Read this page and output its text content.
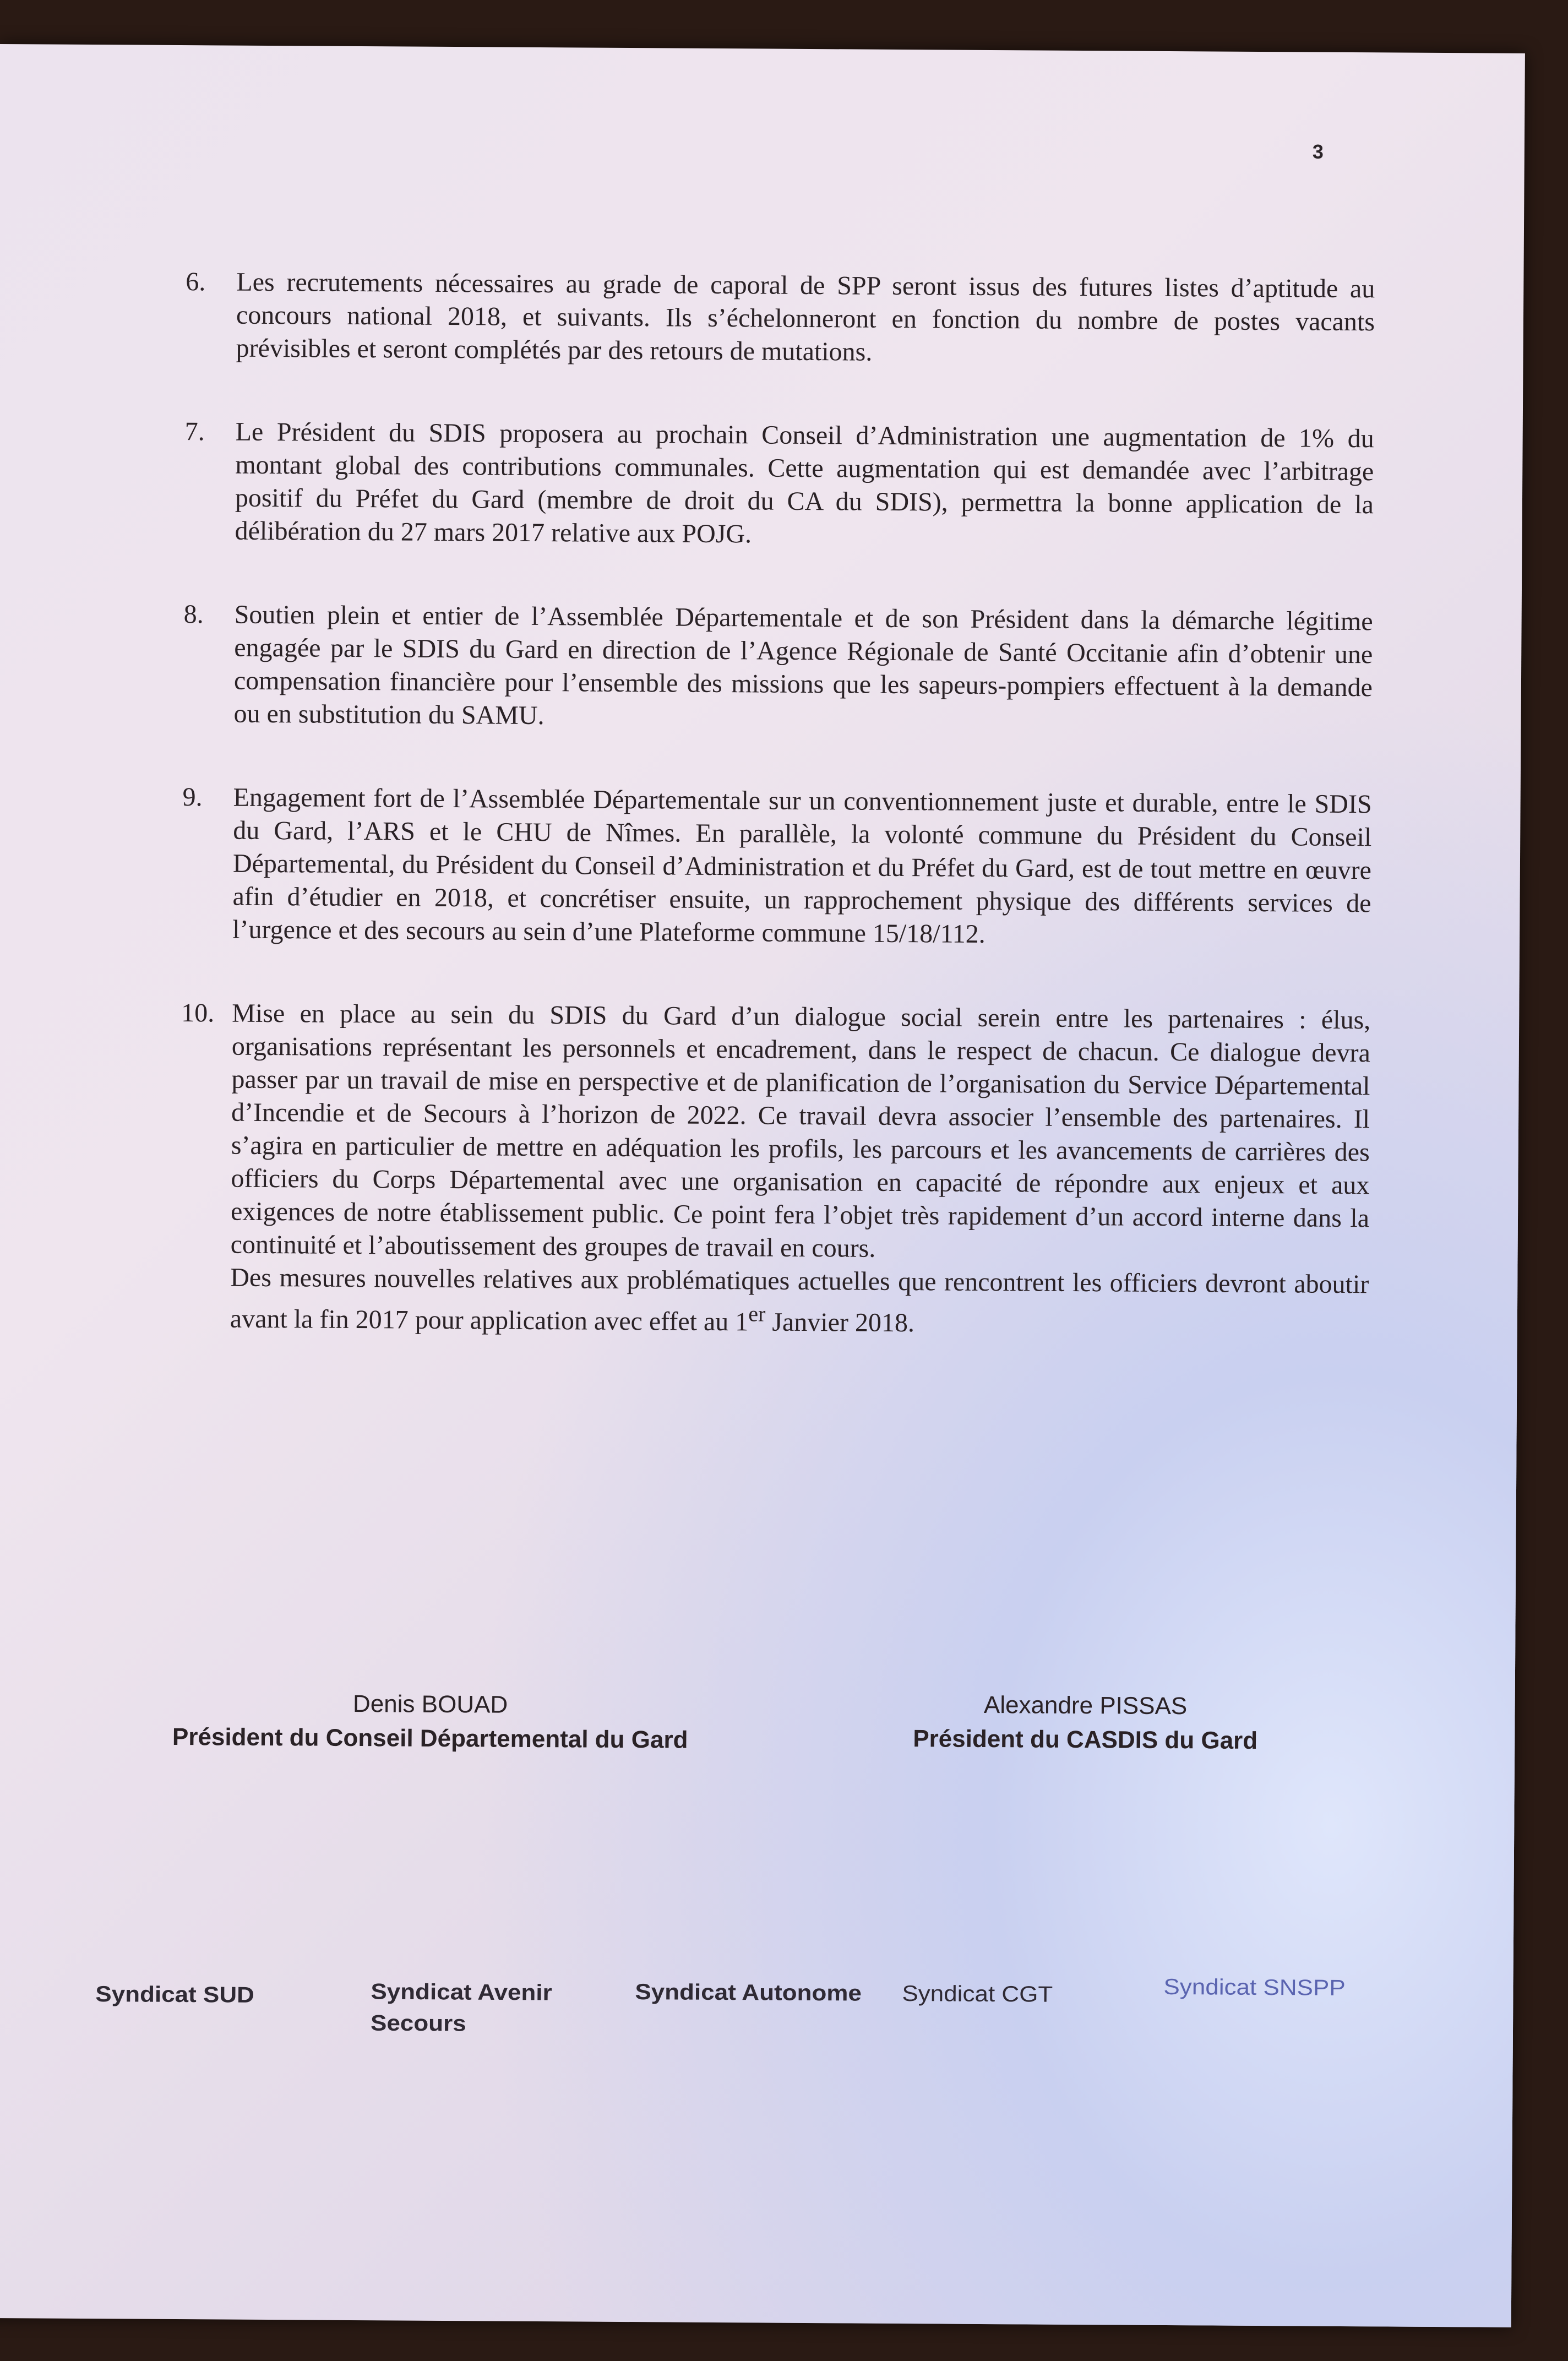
3
6.	Les recrutements nécessaires au grade de caporal de SPP seront issus des futures listes d’aptitude au concours national 2018, et suivants. Ils s’échelonneront en fonction du nombre de postes vacants prévisibles et seront complétés par des retours de mutations.
7.	Le Président du SDIS proposera au prochain Conseil d’Administration une augmentation de 1% du montant global des contributions communales. Cette augmentation qui est demandée avec l’arbitrage positif du Préfet du Gard (membre de droit du CA du SDIS), permettra la bonne application de la délibération du 27 mars 2017 relative aux POJG.
8.	Soutien plein et entier de l’Assemblée Départementale et de son Président dans la démarche légitime engagée par le SDIS du Gard en direction de l’Agence Régionale de Santé Occitanie afin d’obtenir une compensation financière pour l’ensemble des missions que les sapeurs-pompiers effectuent à la demande ou en substitution du SAMU.
9.	Engagement fort de l’Assemblée Départementale sur un conventionnement juste et durable, entre le SDIS du Gard, l’ARS et le CHU de Nîmes. En parallèle, la volonté commune du Président du Conseil Départemental, du Président du Conseil d’Administration et du Préfet du Gard, est de tout mettre en œuvre afin d’étudier en 2018, et concrétiser ensuite, un rapprochement physique des différents services de l’urgence et des secours au sein d’une Plateforme commune 15/18/112.
10. Mise en place au sein du SDIS du Gard d’un dialogue social serein entre les partenaires : élus, organisations représentant les personnels et encadrement, dans le respect de chacun. Ce dialogue devra passer par un travail de mise en perspective et de planification de l’organisation du Service Départemental d’Incendie et de Secours à l’horizon de 2022. Ce travail devra associer l’ensemble des partenaires. Il s’agira en particulier de mettre en adéquation les profils, les parcours et les avancements de carrières des officiers du Corps Départemental avec une organisation en capacité de répondre aux enjeux et aux exigences de notre établissement public. Ce point fera l’objet très rapidement d’un accord interne dans la continuité et l’aboutissement des groupes de travail en cours.

Des mesures nouvelles relatives aux problématiques actuelles que rencontrent les officiers devront aboutir avant la fin 2017 pour application avec effet au 1er Janvier 2018.

Denis BOUAD
Président du Conseil Départemental du Gard
Alexandre PISSAS
Président du CASDIS du Gard
Syndicat SUD	Syndicat Avenir Secours
Syndicat Autonome Syndicat CGT	Syndicat SNSPP
